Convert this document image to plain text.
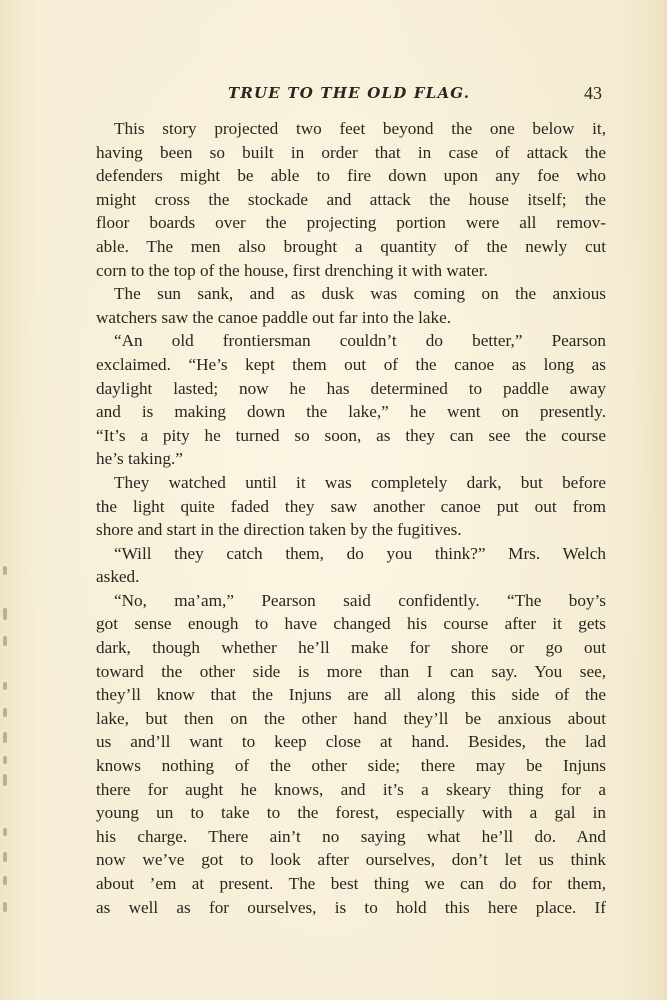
TRUE TO THE OLD FLAG.	43
This story projected two feet beyond the one below it,
having been so built in order that in case of attack the
defenders might be able to fire down upon any foe who
might cross the stockade and attack the house itself; the
floor boards over the projecting portion were all remov-
able. The men also brought a quantity of the newly cut
corn to the top of the house, first drenching it with water.
The sun sank, and as dusk was coming on the anxious
watchers saw the canoe paddle out far into the lake.
“An old frontiersman couldn’t do better,” Pearson
exclaimed. “He’s kept them out of the canoe as long as
daylight lasted; now he has determined to paddle away
and is making down the lake,” he went on presently.
“It’s a pity he turned so soon, as they can see the course
he’s taking.”
They watched until it was completely dark, but before
the light quite faded they saw another canoe put out from
shore and start in the direction taken by the fugitives.
“Will they catch them, do you think?” Mrs. Welch
asked.
“No, ma’am,” Pearson said confidently. “The boy’s
got sense enough to have changed his course after it gets
dark, though whether he’ll make for shore or go out
toward the other side is more than I can say. You see,
they’ll know that the Injuns are all along this side of the
lake, but then on the other hand they’ll be anxious about
us and’ll want to keep close at hand. Besides, the lad
knows nothing of the other side; there may be Injuns
there for aught he knows, and it’s a skeary thing for a
young un to take to the forest, especially with a gal in
his charge. There ain’t no saying what he’ll do. And
now we’ve got to look after ourselves, don’t let us think
about ’em at present. The best thing we can do for them,
as well as for ourselves, is to hold this here place. If
